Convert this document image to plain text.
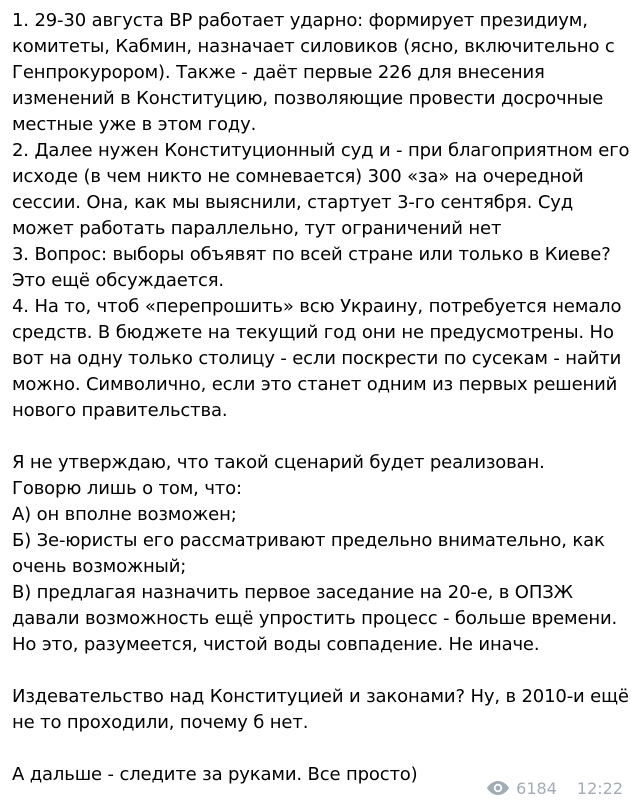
1. 29-30 августа ВР работает ударно: формирует президиум,
комитеты, Кабмин, назначает силовиков (ясно, включительно с
Генпрокурором). Также - даёт первые 226 для внесения
изменений в Конституцию, позволяющие провести досрочные
местные уже в этом году.
2. Далее нужен Конституционный суд и - при благоприятном его
исходе (в чем никто не сомневается) 300 «за» на очередной
сессии. Она, как мы выяснили, стартует 3-го сентября. Суд
может работать параллельно, тут ограничений нет
3. Вопрос: выборы объявят по всей стране или только в Киеве?
Это ещё обсуждается.
4. На то, чтоб «перепрошить» всю Украину, потребуется немало
средств. В бюджете на текущий год они не предусмотрены. Но
вот на одну только столицу - если поскрести по сусекам - найти
можно. Символично, если это станет одним из первых решений
нового правительства.
Я не утверждаю, что такой сценарий будет реализован.
Говорю лишь о том, что:
А) он вполне возможен;
Б) Зе-юристы его рассматривают предельно внимательно, как
очень возможный;
В) предлагая назначить первое заседание на 20-е, в ОПЗЖ
давали возможность ещё упростить процесс - больше времени.
Но это, разумеется, чистой воды совпадение. Не иначе.
Издевательство над Конституцией и законами? Ну, в 2010-и ещё
не то проходили, почему б нет.
А дальше - следите за руками. Все просто)
6184 12:22
